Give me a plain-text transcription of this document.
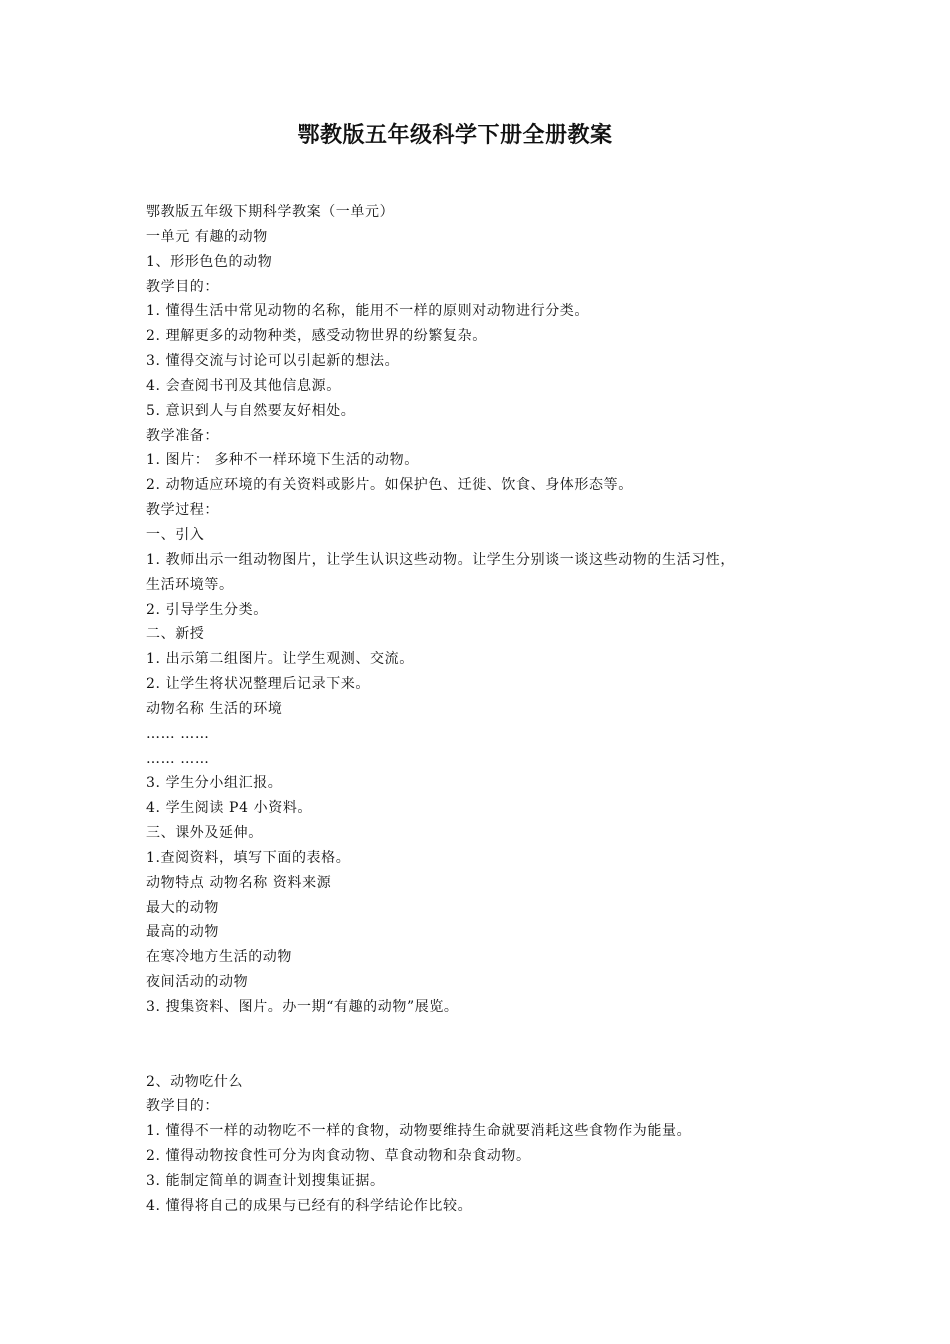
鄂教版五年级科学下册全册教案
鄂教版五年级下期科学教案（一单元）
一单元 有趣的动物
1、形形色色的动物
教学目的：
1. 懂得生活中常见动物的名称，能用不一样的原则对动物进行分类。
2. 理解更多的动物种类，感受动物世界的纷繁复杂。
3. 懂得交流与讨论可以引起新的想法。
4. 会查阅书刊及其他信息源。
5. 意识到人与自然要友好相处。
教学准备：
1. 图片： 多种不一样环境下生活的动物。
2. 动物适应环境的有关资料或影片。如保护色、迁徙、饮食、身体形态等。
教学过程：
一、引入
1. 教师出示一组动物图片，让学生认识这些动物。让学生分别谈一谈这些动物的生活习性，
生活环境等。
2. 引导学生分类。
二、新授
1. 出示第二组图片。让学生观测、交流。
2. 让学生将状况整理后记录下来。
动物名称 生活的环境
…… ……
…… ……
3. 学生分小组汇报。
4. 学生阅读 P4 小资料。
三、课外及延伸。
1.查阅资料，填写下面的表格。
动物特点 动物名称 资料来源
最大的动物
最高的动物
在寒冷地方生活的动物
夜间活动的动物
3. 搜集资料、图片。办一期“有趣的动物”展览。
2、动物吃什么
教学目的：
1. 懂得不一样的动物吃不一样的食物，动物要维持生命就要消耗这些食物作为能量。
2. 懂得动物按食性可分为肉食动物、草食动物和杂食动物。
3. 能制定简单的调查计划搜集证据。
4. 懂得将自己的成果与已经有的科学结论作比较。
